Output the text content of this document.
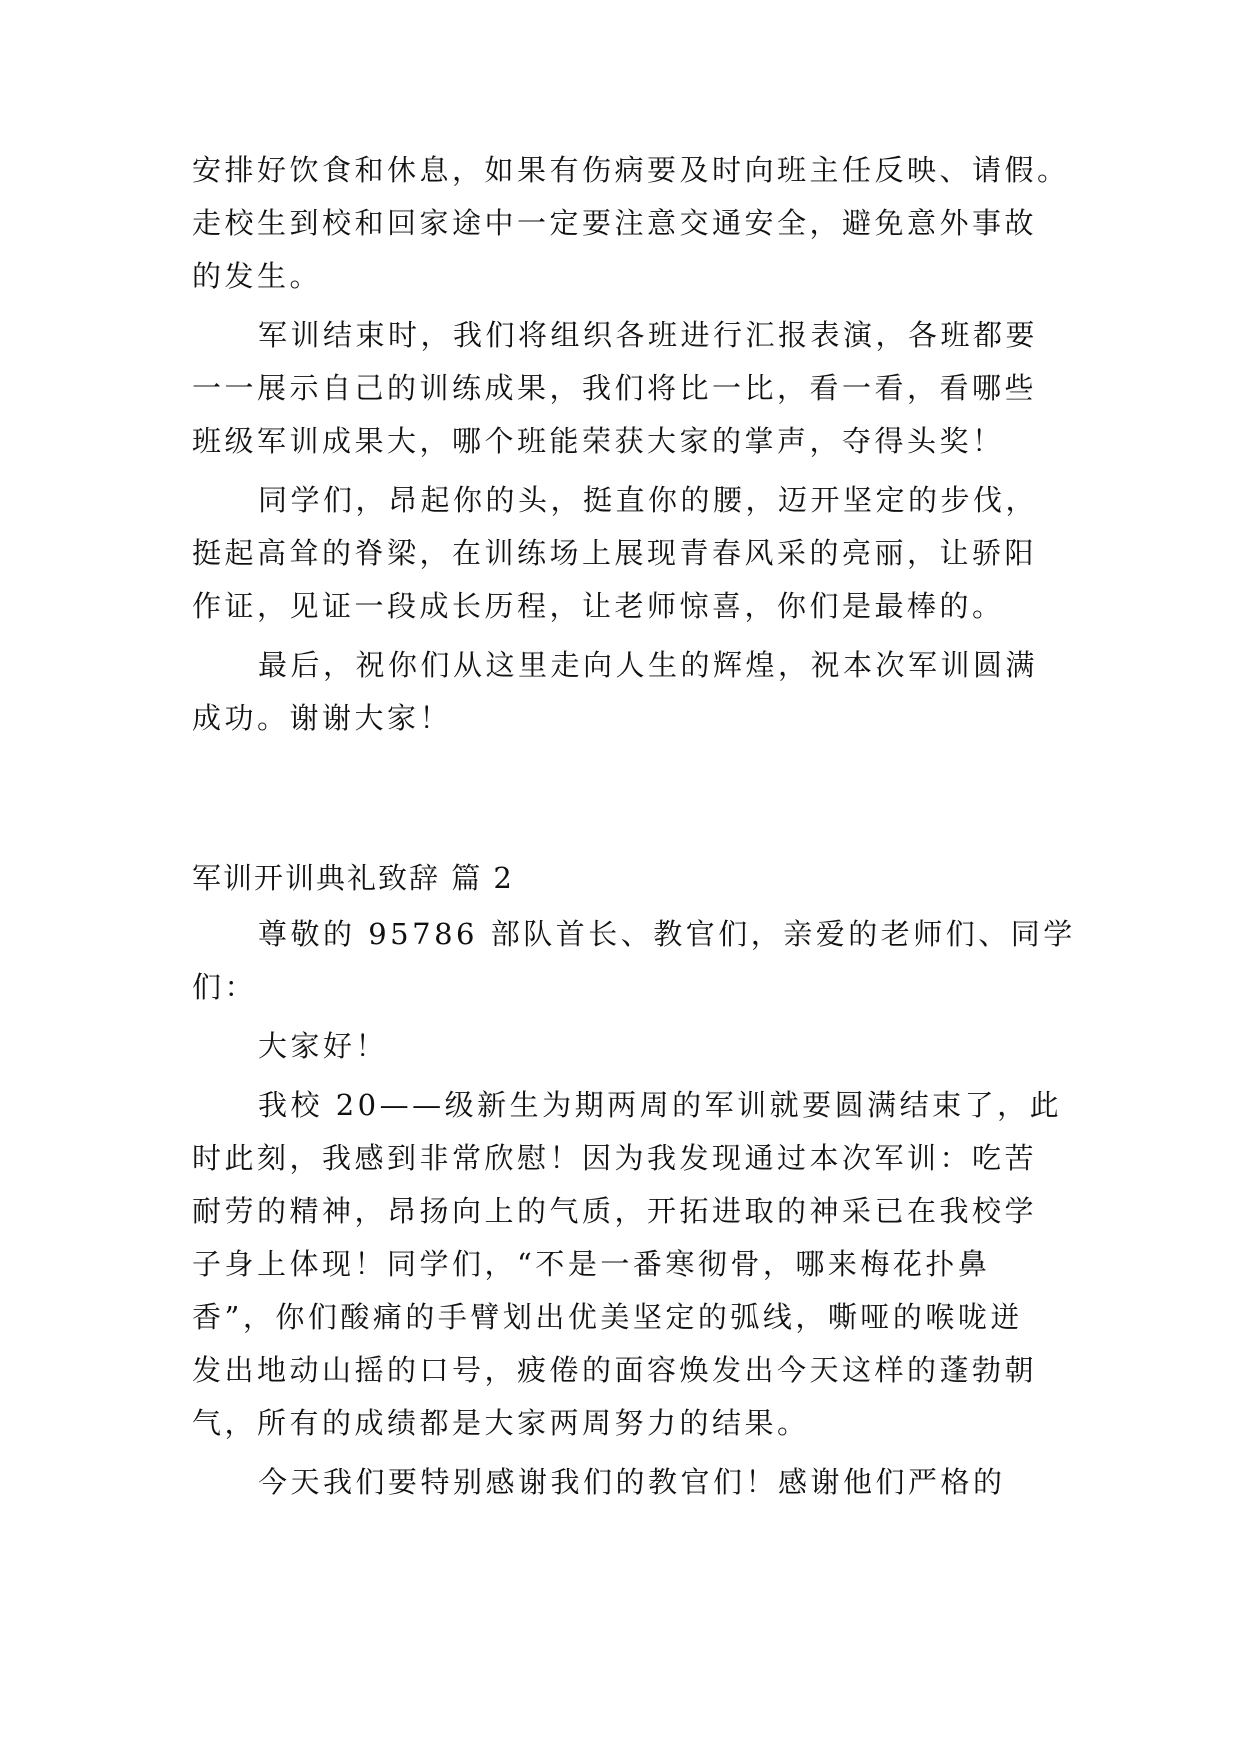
安排好饮食和休息，如果有伤病要及时向班主任反映、请假。
走校生到校和回家途中一定要注意交通安全，避免意外事故
的发生。
军训结束时，我们将组织各班进行汇报表演，各班都要
一一展示自己的训练成果，我们将比一比，看一看，看哪些
班级军训成果大，哪个班能荣获大家的掌声，夺得头奖！
同学们，昂起你的头，挺直你的腰，迈开坚定的步伐，
挺起高耸的脊梁，在训练场上展现青春风采的亮丽，让骄阳
作证，见证一段成长历程，让老师惊喜，你们是最棒的。
最后，祝你们从这里走向人生的辉煌，祝本次军训圆满
成功。谢谢大家！
军训开训典礼致辞 篇 2
尊敬的 95786 部队首长、教官们，亲爱的老师们、同学
们：
大家好！
我校 20——级新生为期两周的军训就要圆满结束了，此
时此刻，我感到非常欣慰！因为我发现通过本次军训：吃苦
耐劳的精神，昂扬向上的气质，开拓进取的神采已在我校学
子身上体现！同学们，“不是一番寒彻骨，哪来梅花扑鼻
香”，你们酸痛的手臂划出优美坚定的弧线，嘶哑的喉咙迸
发出地动山摇的口号，疲倦的面容焕发出今天这样的蓬勃朝
气，所有的成绩都是大家两周努力的结果。
今天我们要特别感谢我们的教官们！感谢他们严格的
